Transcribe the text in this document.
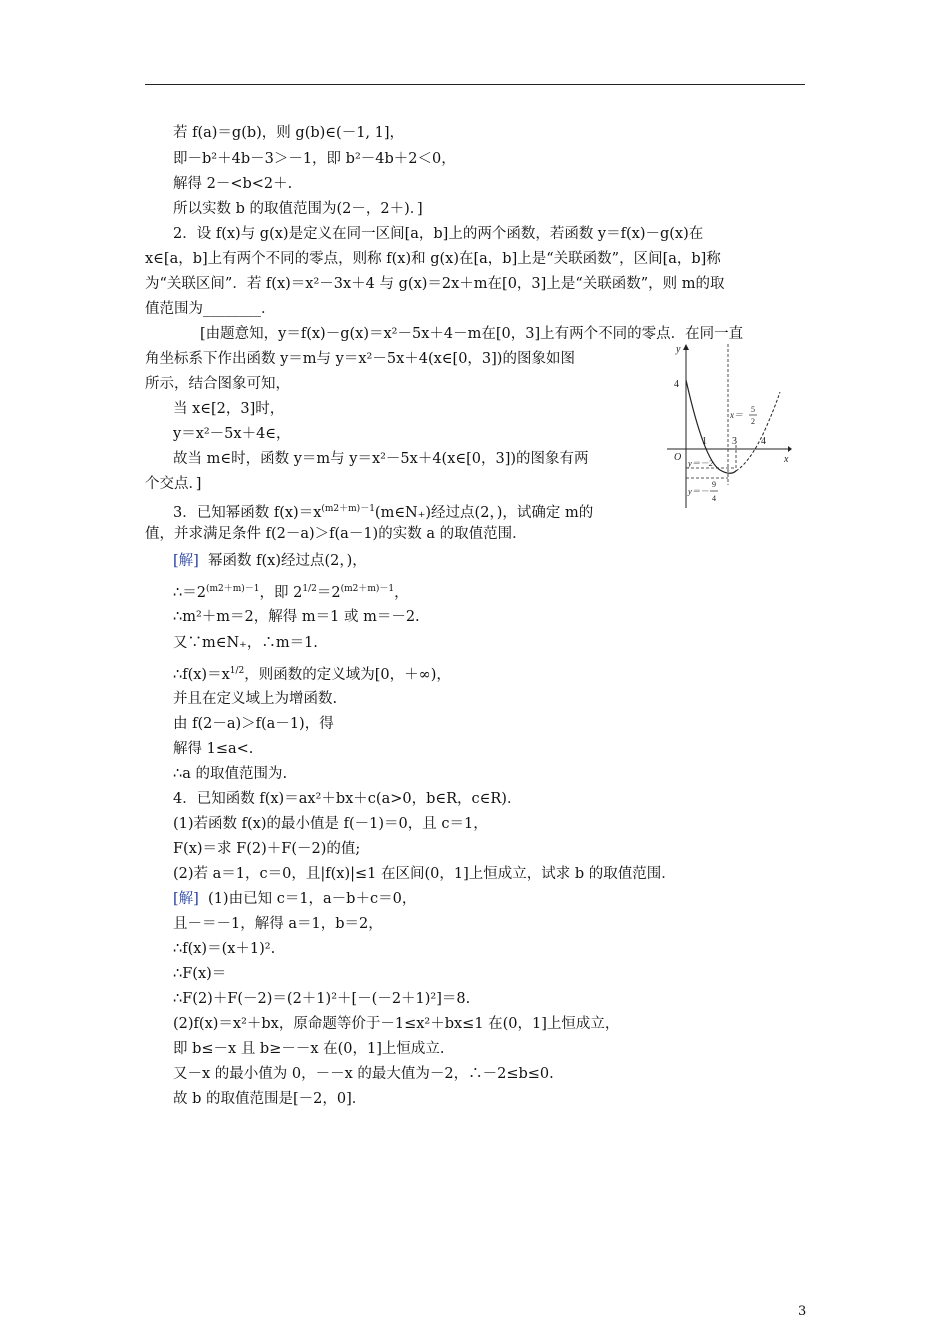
若 f(a)＝g(b)，则 g(b)∈(－1, 1]，
即－b²＋4b－3＞－1，即 b²－4b＋2＜0，
解得 2－<b<2＋.
所以实数 b 的取值范围为(2－，2＋)．]
2．设 f(x)与 g(x)是定义在同一区间[a，b]上的两个函数，若函数 y＝f(x)－g(x)在
x∈[a，b]上有两个不同的零点，则称 f(x)和 g(x)在[a，b]上是“关联函数”，区间[a，b]称
为“关联区间”．若 f(x)＝x²－3x＋4 与 g(x)＝2x＋m在[0，3]上是“关联函数”，则 m的取
值范围为________．
[由题意知，y＝f(x)－g(x)＝x²－5x＋4－m在[0，3]上有两个不同的零点．在同一直
角坐标系下作出函数 y＝m与 y＝x²－5x＋4(x∈[0，3])的图象如图
所示，结合图象可知，
当 x∈[2，3]时，
y＝x²－5x＋4∈，
故当 m∈时，函数 y＝m与 y＝x²－5x＋4(x∈[0，3])的图象有两
个交点．]
3．已知幂函数 $f(x)=x^{(m2+m)-1}(m\in N_+)$经过点(2，)，试确定 m的
值，并求满足条件 f(2－a)＞f(a－1)的实数 a 的取值范围．
[解] 幂函数 f(x)经过点(2，)，
$\therefore=2^{(m2+m)-1}$，即 $2^{1/2}=2^{(m2+m)-1}$，
∴m²＋m＝2，解得 m＝1 或 m＝－2.
又∵m∈N₊，∴m＝1.
$\therefore f(x)=x^{1/2}$，则函数的定义域为[0，＋∞)，
并且在定义域上为增函数.
由 f(2－a)＞f(a－1)，得
解得 1≤a<.
∴a 的取值范围为.
4．已知函数 f(x)＝ax²＋bx＋c(a>0，b∈R，c∈R)．
(1)若函数 f(x)的最小值是 f(－1)＝0，且 c＝1，
F(x)＝求 F(2)＋F(－2)的值;
(2)若 a＝1，c＝0，且|f(x)|≤1 在区间(0，1]上恒成立，试求 b 的取值范围．
[解] (1)由已知 c＝1，a－b＋c＝0，
且－＝－1，解得 a＝1，b＝2，
∴f(x)＝(x＋1)².
∴F(x)＝
∴F(2)＋F(－2)＝(2＋1)²＋[－(－2＋1)²]＝8.
(2)f(x)＝x²＋bx，原命题等价于－1≤x²＋bx≤1 在(0，1]上恒成立，
即 b≤－x 且 b≥－－x 在(0，1]上恒成立.
又－x 的最小值为 0，－－x 的最大值为－2，∴－2≤b≤0.
故 b 的取值范围是[－2，0]．
y
x
O
4
1	3 4
x＝
5
2
y＝－2
y＝－
9
4
3
